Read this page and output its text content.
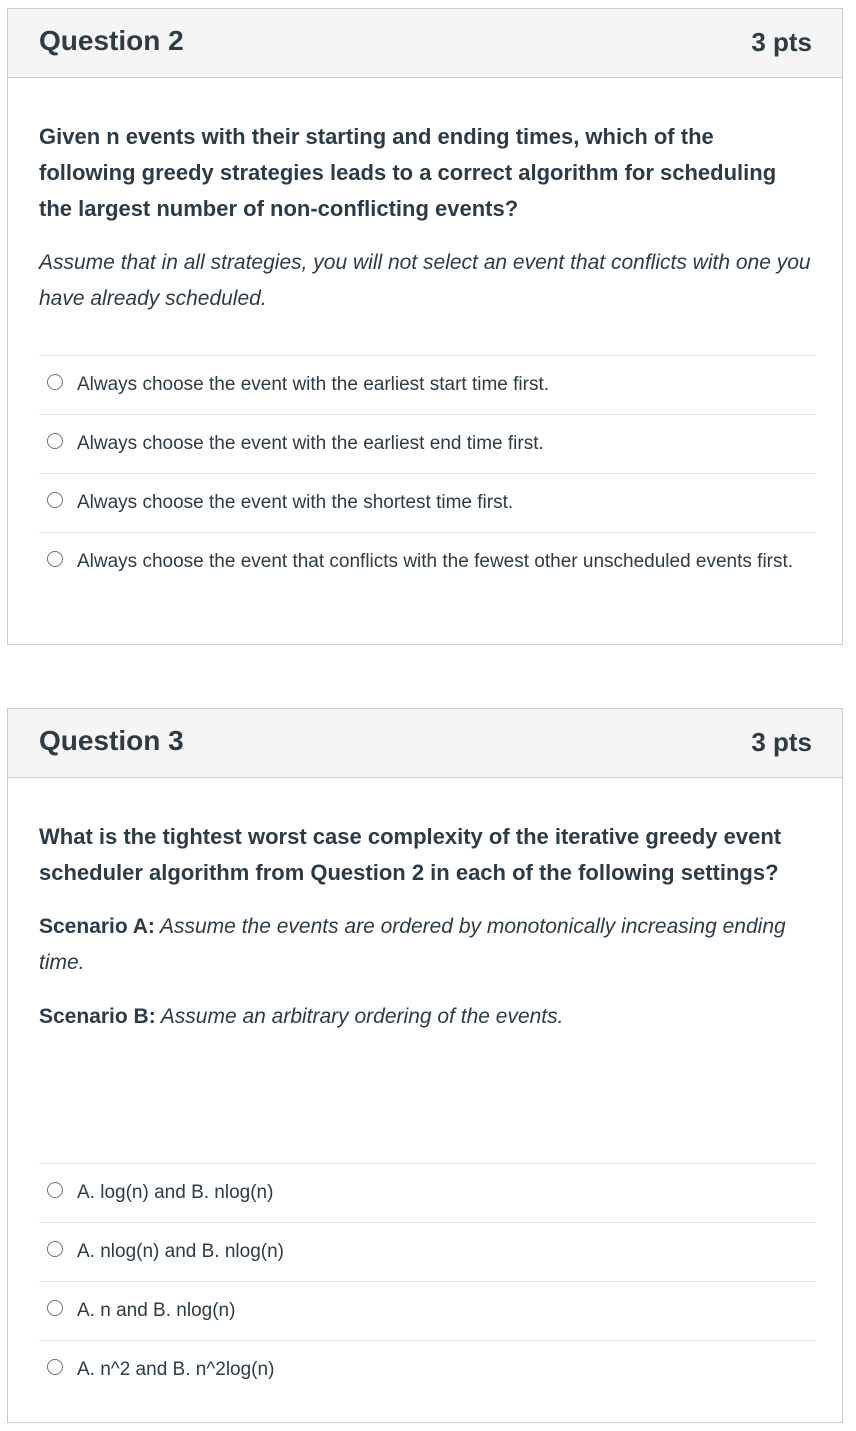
Question 2	3 pts

Given n events with their starting and ending times, which of the following greedy strategies leads to a correct algorithm for scheduling the largest number of non-conflicting events?

Assume that in all strategies, you will not select an event that conflicts with one you have already scheduled.

Always choose the event with the earliest start time first.
Always choose the event with the earliest end time first.
Always choose the event with the shortest time first.
Always choose the event that conflicts with the fewest other unscheduled events first.
Question 3	3 pts

What is the tightest worst case complexity of the iterative greedy event scheduler algorithm from Question 2 in each of the following settings?

Scenario A: Assume the events are ordered by monotonically increasing ending time.

Scenario B: Assume an arbitrary ordering of the events.

A. log(n) and B. nlog(n)
A. nlog(n) and B. nlog(n)
A. n and B. nlog(n)
A. n^2 and B. n^2log(n)
